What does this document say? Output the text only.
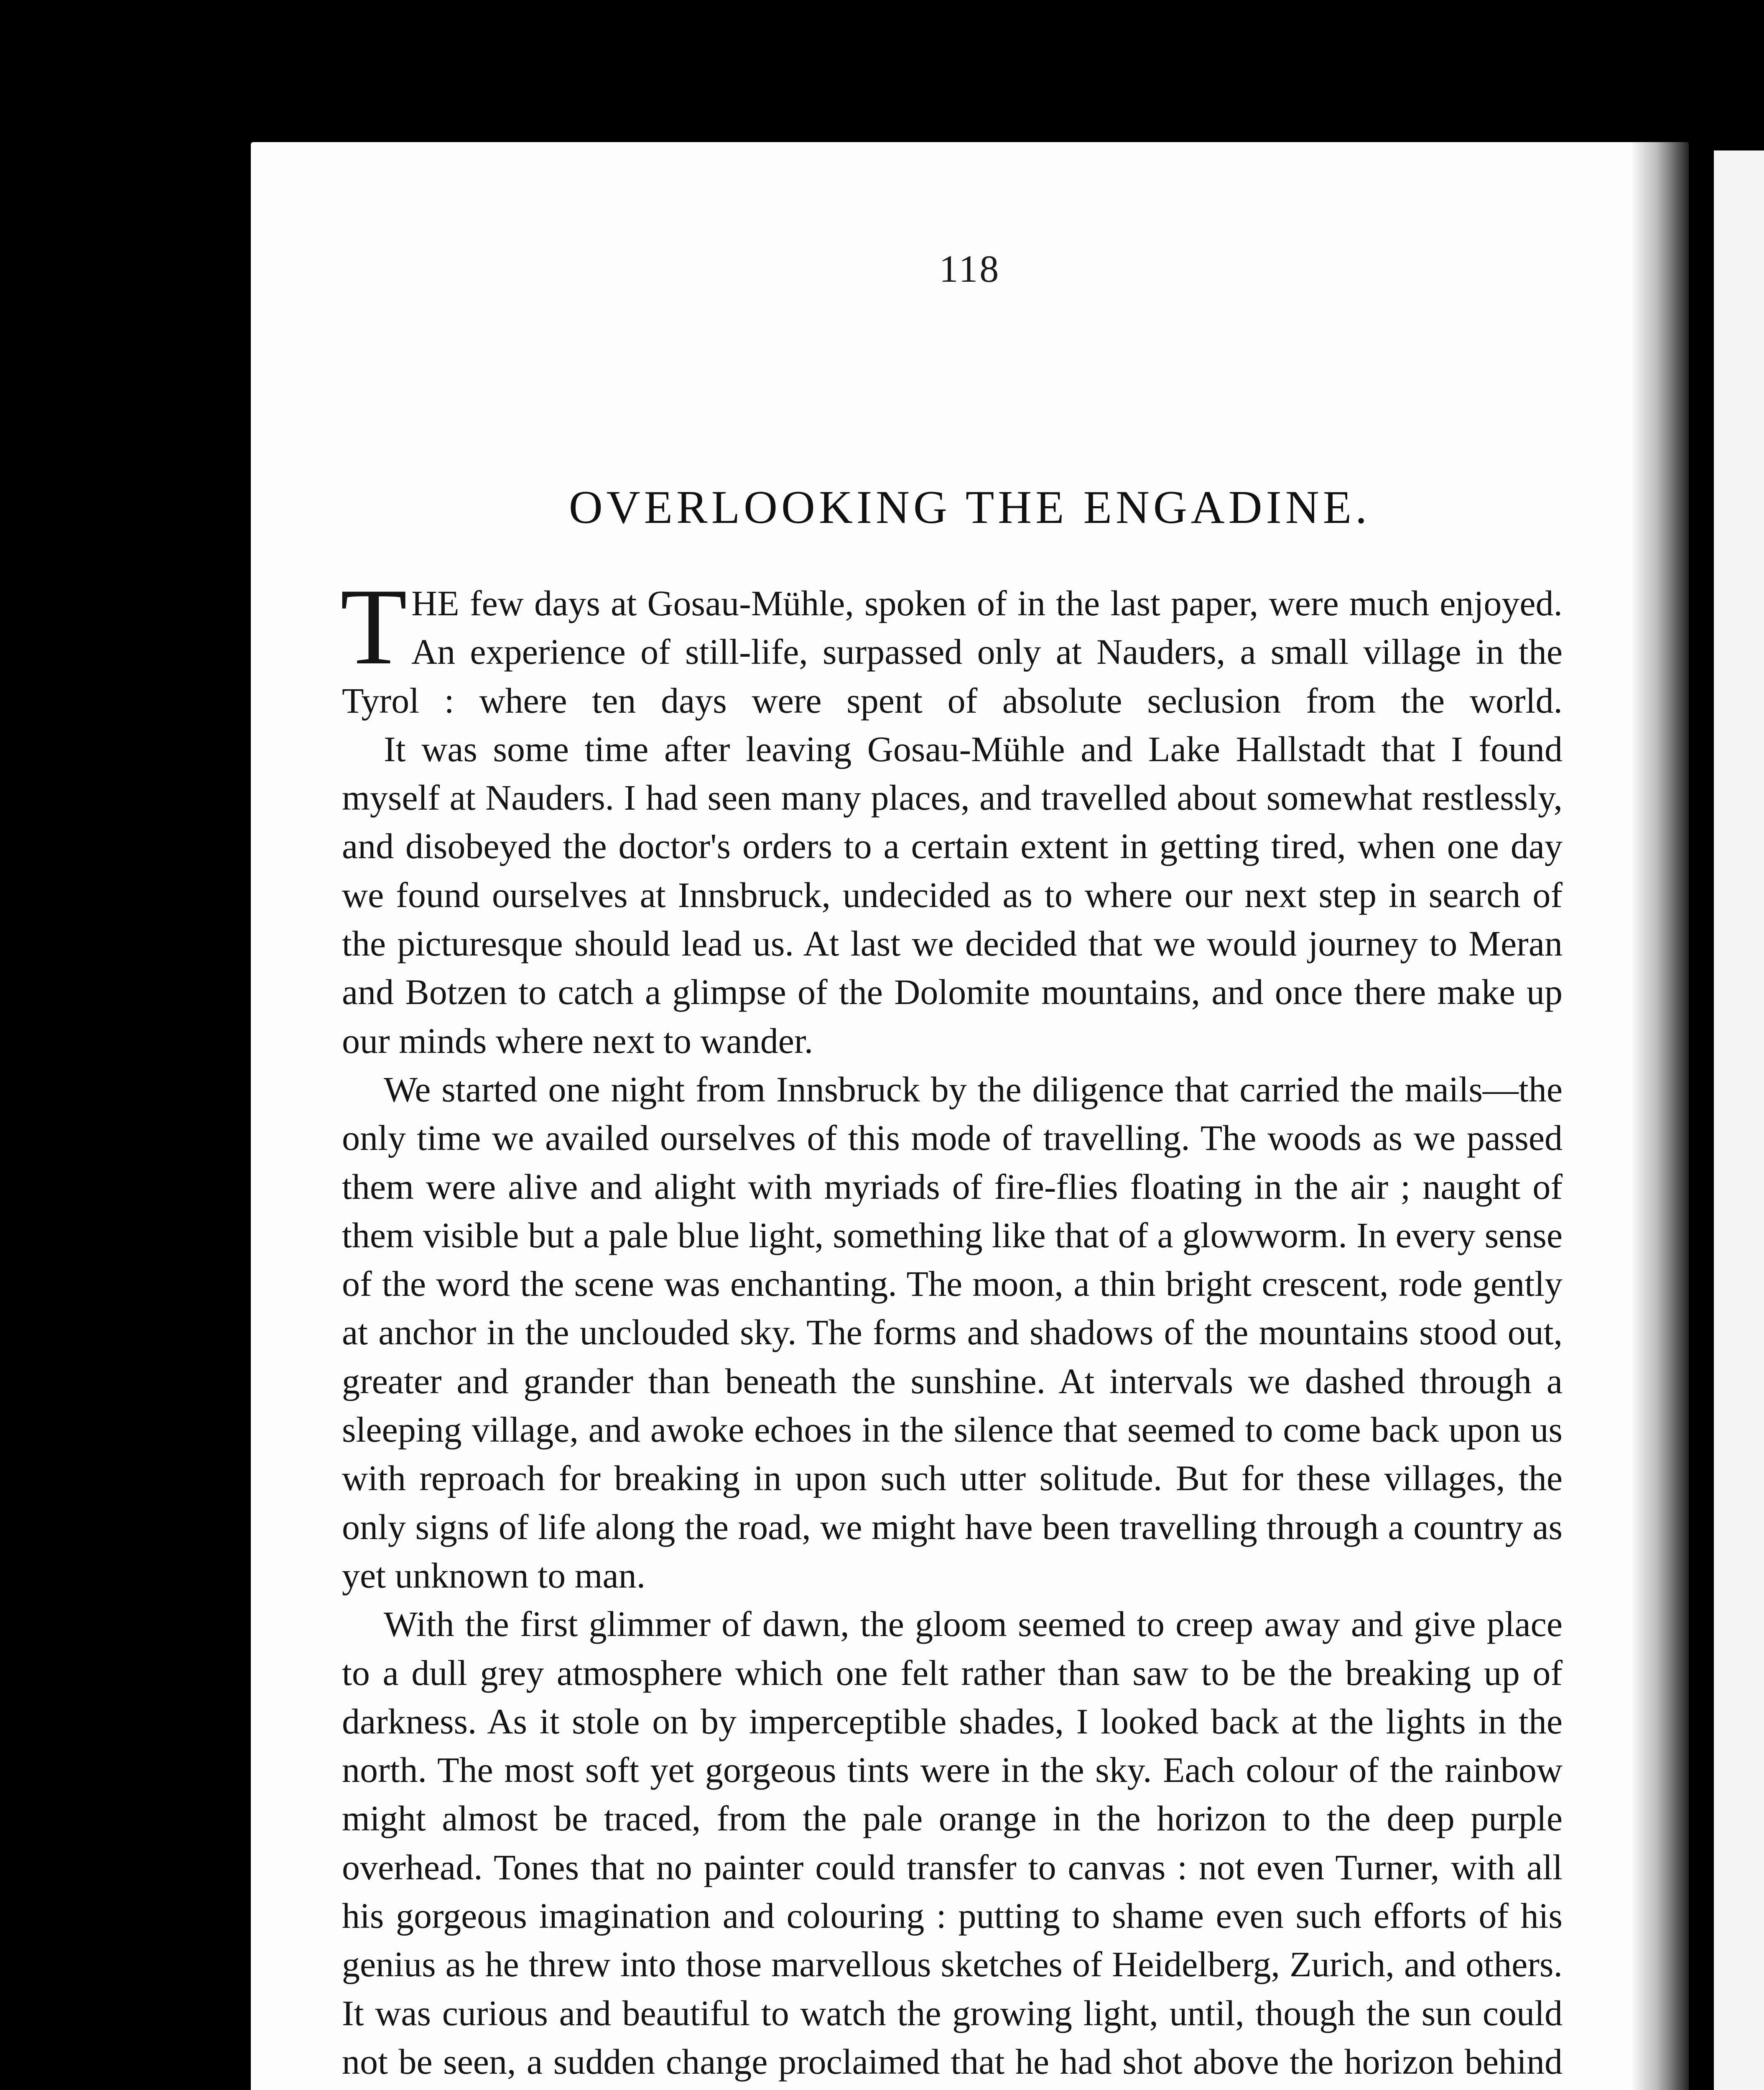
118
OVERLOOKING THE ENGADINE.

THE few days at Gosau-Mühle, spoken of in the last paper, were much enjoyed. An experience of still-life, surpassed only at Nauders, a small village in the Tyrol : where ten days were spent of absolute seclusion from the world.

It was some time after leaving Gosau-Mühle and Lake Hallstadt that I found myself at Nauders. I had seen many places, and travelled about somewhat restlessly, and disobeyed the doctor's orders to a certain extent in getting tired, when one day we found ourselves at Innsbruck, undecided as to where our next step in search of the picturesque should lead us. At last we decided that we would journey to Meran and Botzen to catch a glimpse of the Dolomite mountains, and once there make up our minds where next to wander.

We started one night from Innsbruck by the diligence that carried the mails—the only time we availed ourselves of this mode of travelling. The woods as we passed them were alive and alight with myriads of fire-flies floating in the air ; naught of them visible but a pale blue light, something like that of a glowworm. In every sense of the word the scene was enchanting. The moon, a thin bright crescent, rode gently at anchor in the unclouded sky. The forms and shadows of the mountains stood out, greater and grander than beneath the sunshine. At intervals we dashed through a sleeping village, and awoke echoes in the silence that seemed to come back upon us with reproach for breaking in upon such utter solitude. But for these villages, the only signs of life along the road, we might have been travelling through a country as yet unknown to man.

With the first glimmer of dawn, the gloom seemed to creep away and give place to a dull grey atmosphere which one felt rather than saw to be the breaking up of darkness. As it stole on by imperceptible shades, I looked back at the lights in the north. The most soft yet gorgeous tints were in the sky. Each colour of the rainbow might almost be traced, from the pale orange in the horizon to the deep purple overhead. Tones that no painter could transfer to canvas : not even Turner, with all his gorgeous imagination and colouring : putting to shame even such efforts of his genius as he threw into those marvellous sketches of Heidelberg, Zurich, and others. It was curious and beautiful to watch the growing light, until, though the sun could not be seen, a sudden change proclaimed that he had shot above the horizon behind
